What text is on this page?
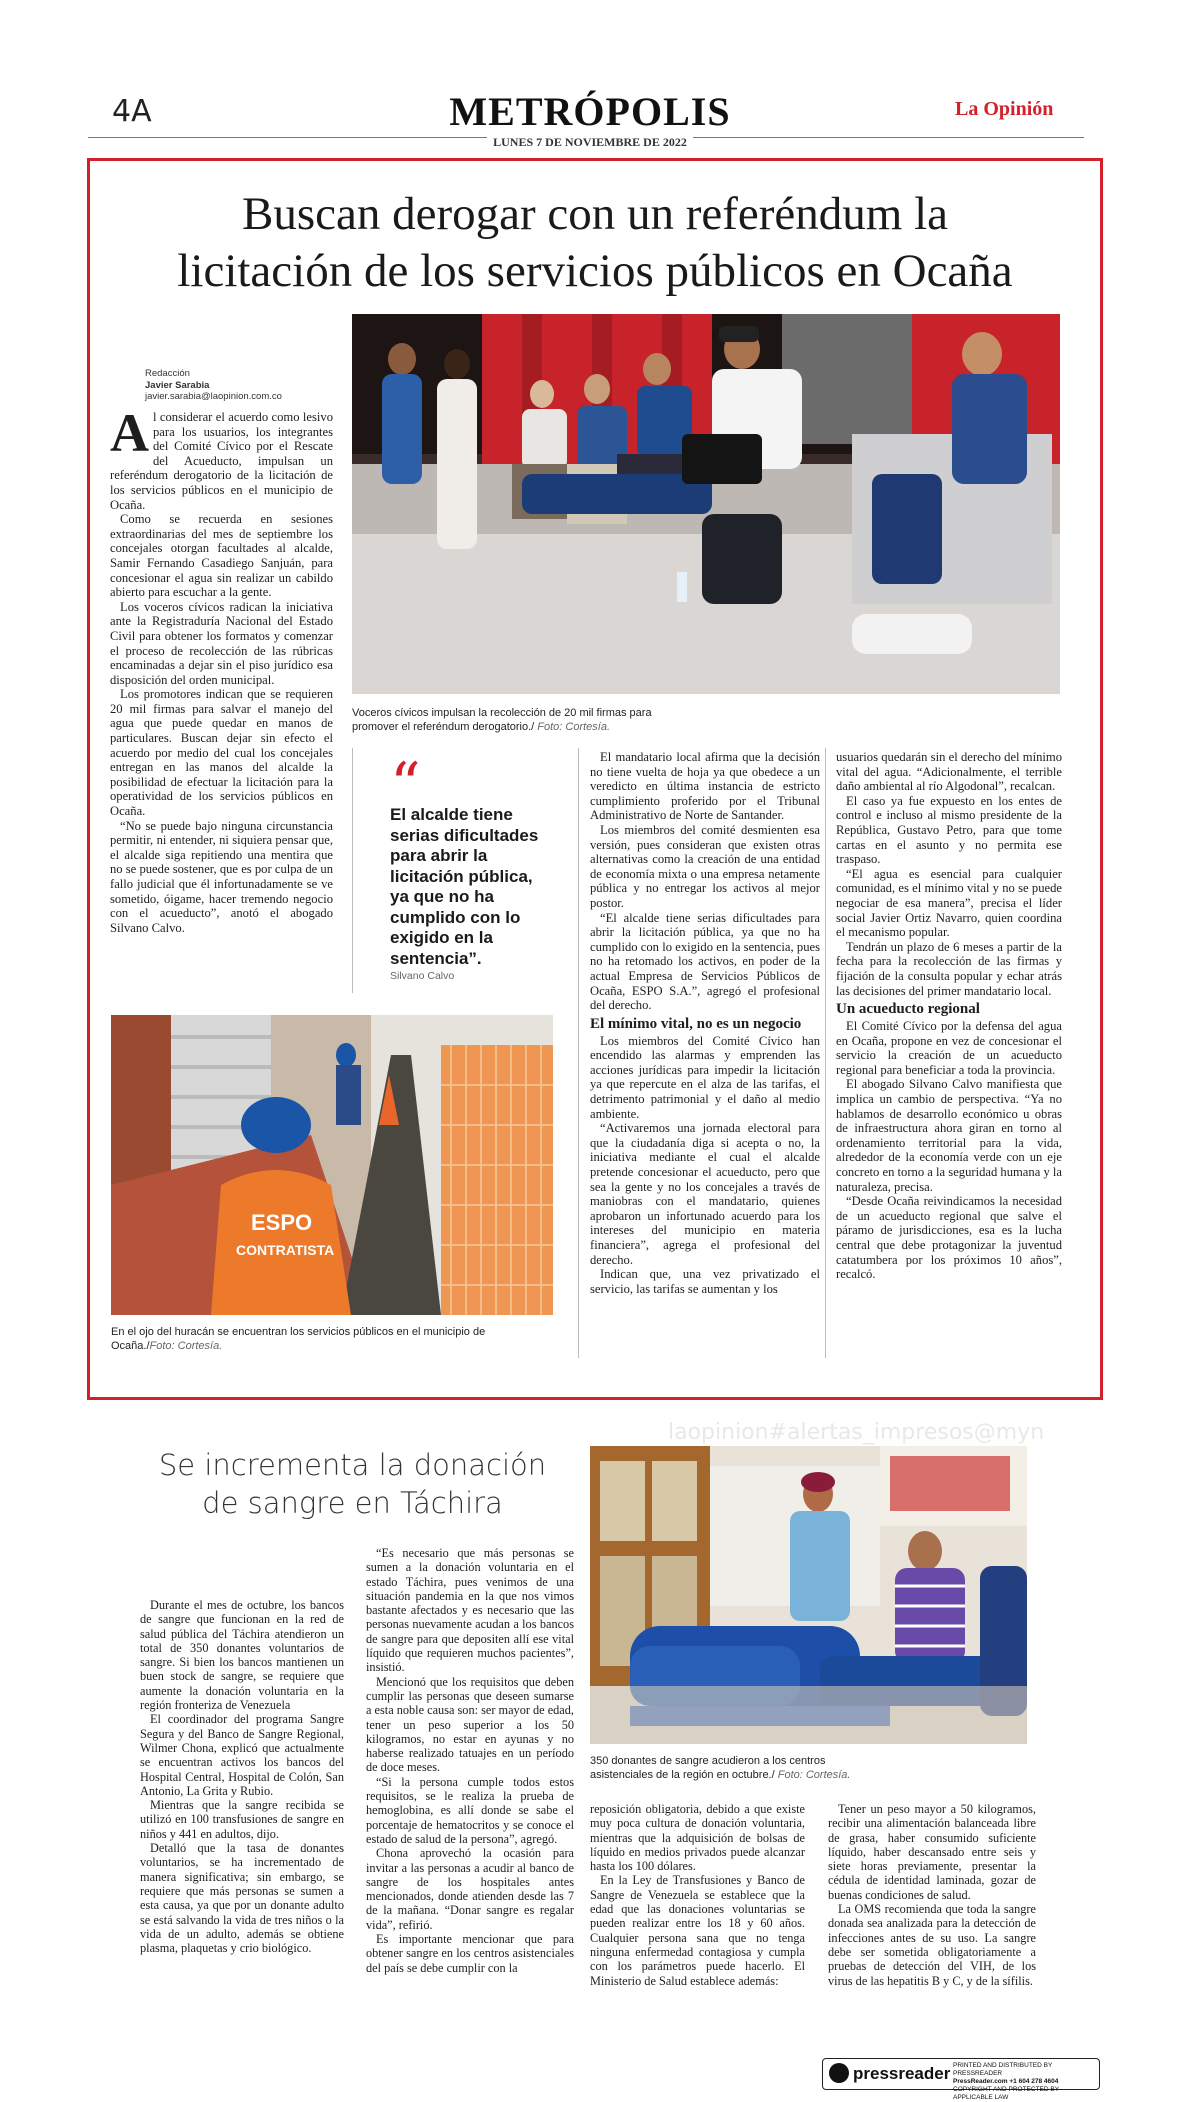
4A	METRÓPOLIS	La Opinión
LUNES 7 DE NOVIEMBRE DE 2022
Buscan derogar con un referéndum la
licitación de los servicios públicos en Ocaña
Redacción
Javier Sarabia
javier.sarabia@laopinion.com.co

Al considerar el acuerdo como lesivo para los usuarios, los integrantes del Comité Cívico por el Rescate del Acueducto, impulsan un referéndum derogatorio de la licitación de los servicios públicos en el municipio de Ocaña.

Como se recuerda en sesiones extraordinarias del mes de septiembre los concejales otorgan facultades al alcalde, Samir Fernando Casadiego Sanjuán, para concesionar el agua sin realizar un cabildo abierto para escuchar a la gente.

Los voceros cívicos radican la iniciativa ante la Registraduría Nacional del Estado Civil para obtener los formatos y comenzar el proceso de recolección de las rúbricas encaminadas a dejar sin el piso jurídico esa disposición del orden municipal.

Los promotores indican que se requieren 20 mil firmas para salvar el manejo del agua que puede quedar en manos de particulares. Buscan dejar sin efecto el acuerdo por medio del cual los concejales entregan en las manos del alcalde la posibilidad de efectuar la licitación para la operatividad de los servicios públicos en Ocaña.

“No se puede bajo ninguna circunstancia permitir, ni entender, ni siquiera pensar que, el alcalde siga repitiendo una mentira que no se puede sostener, que es por culpa de un fallo judicial que él infortunadamente se ve sometido, óigame, hacer tremendo negocio con el acueducto”, anotó el abogado Silvano Calvo.

Voceros cívicos impulsan la recolección de 20 mil firmas para promover el referéndum derogatorio./ Foto: Cortesía.
“
El alcalde tiene serias dificultades para abrir la licitación pública, ya que no ha cumplido con lo exigido en la sentencia”.
Silvano Calvo

El mandatario local afirma que la decisión no tiene vuelta de hoja ya que obedece a un veredicto en última instancia de estricto cumplimiento proferido por el Tribunal Administrativo de Norte de Santander.

Los miembros del comité desmienten esa versión, pues consideran que existen otras alternativas como la creación de una entidad de economía mixta o una empresa netamente pública y no entregar los activos al mejor postor.

“El alcalde tiene serias dificultades para abrir la licitación pública, ya que no ha cumplido con lo exigido en la sentencia, pues no ha retomado los activos, en poder de la actual Empresa de Servicios Públicos de Ocaña, ESPO S.A.”, agregó el profesional del derecho.

El mínimo vital, no es un negocio

Los miembros del Comité Cívico han encendido las alarmas y emprenden las acciones jurídicas para impedir la licitación ya que repercute en el alza de las tarifas, el detrimento patrimonial y el daño al medio ambiente.

“Activaremos una jornada electoral para que la ciudadanía diga si acepta o no, la iniciativa mediante el cual el alcalde pretende concesionar el acueducto, pero que sea la gente y no los concejales a través de maniobras con el mandatario, quienes aprobaron un infortunado acuerdo para los intereses del municipio en materia financiera”, agrega el profesional del derecho.

Indican que, una vez privatizado el servicio, las tarifas se aumentan y los

usuarios quedarán sin el derecho del mínimo vital del agua. “Adicionalmente, el terrible daño ambiental al río Algodonal”, recalcan.

El caso ya fue expuesto en los entes de control e incluso al mismo presidente de la República, Gustavo Petro, para que tome cartas en el asunto y no permita ese traspaso.

“El agua es esencial para cualquier comunidad, es el mínimo vital y no se puede negociar de esa manera”, precisa el líder social Javier Ortiz Navarro, quien coordina el mecanismo popular.

Tendrán un plazo de 6 meses a partir de la fecha para la recolección de las firmas y fijación de la consulta popular y echar atrás las decisiones del primer mandatario local.

Un acueducto regional

El Comité Cívico por la defensa del agua en Ocaña, propone en vez de concesionar el servicio la creación de un acueducto regional para beneficiar a toda la provincia.

El abogado Silvano Calvo manifiesta que implica un cambio de perspectiva. “Ya no hablamos de desarrollo económico u obras de infraestructura ahora giran en torno al ordenamiento territorial para la vida, alrededor de la economía verde con un eje concreto en torno a la seguridad humana y la naturaleza, precisa.

“Desde Ocaña reivindicamos la necesidad de un acueducto regional que salve el páramo de jurisdicciones, esa es la lucha central que debe protagonizar la juventud catatumbera por los próximos 10 años”, recalcó.

ESPO
CONTRATISTA
En el ojo del huracán se encuentran los servicios públicos en el municipio de Ocaña./Foto: Cortesía.
laopinion#alertas_impresos@myn
Se incrementa la donación
de sangre en Táchira

Durante el mes de octubre, los bancos de sangre que funcionan en la red de salud pública del Táchira atendieron un total de 350 donantes voluntarios de sangre. Si bien los bancos mantienen un buen stock de sangre, se requiere que aumente la donación voluntaria en la región fronteriza de Venezuela

El coordinador del programa Sangre Segura y del Banco de Sangre Regional, Wilmer Chona, explicó que actualmente se encuentran activos los bancos del Hospital Central, Hospital de Colón, San Antonio, La Grita y Rubio.

Mientras que la sangre recibida se utilizó en 100 transfusiones de sangre en niños y 441 en adultos, dijo.

Detalló que la tasa de donantes voluntarios, se ha incrementado de manera significativa; sin embargo, se requiere que más personas se sumen a esta causa, ya que por un donante adulto se está salvando la vida de tres niños o la vida de un adulto, además se obtiene plasma, plaquetas y crio biológico.

“Es necesario que más personas se sumen a la donación voluntaria en el estado Táchira, pues venimos de una situación pandemia en la que nos vimos bastante afectados y es necesario que las personas nuevamente acudan a los bancos de sangre para que depositen allí ese vital líquido que requieren muchos pacientes”, insistió.

Mencionó que los requisitos que deben cumplir las personas que deseen sumarse a esta noble causa son: ser mayor de edad, tener un peso superior a los 50 kilogramos, no estar en ayunas y no haberse realizado tatuajes en un período de doce meses.

“Si la persona cumple todos estos requisitos, se le realiza la prueba de hemoglobina, es allí donde se sabe el porcentaje de hematocritos y se conoce el estado de salud de la persona”, agregó.

Chona aprovechó la ocasión para invitar a las personas a acudir al banco de sangre de los hospitales antes mencionados, donde atienden desde las 7 de la mañana. “Donar sangre es regalar vida”, refirió.

Es importante mencionar que para obtener sangre en los centros asistenciales del país se debe cumplir con la

350 donantes de sangre acudieron a los centros asistenciales de la región en octubre./ Foto: Cortesía.

reposición obligatoria, debido a que existe muy poca cultura de donación voluntaria, mientras que la adquisición de bolsas de líquido en medios privados puede alcanzar hasta los 100 dólares.

En la Ley de Transfusiones y Banco de Sangre de Venezuela se establece que la edad que las donaciones voluntarias se pueden realizar entre los 18 y 60 años. Cualquier persona sana que no tenga ninguna enfermedad contagiosa y cumpla con los parámetros puede hacerlo. El Ministerio de Salud establece además:

Tener un peso mayor a 50 kilogramos, recibir una alimentación balanceada libre de grasa, haber consumido suficiente líquido, haber descansado entre seis y siete horas previamente, presentar la cédula de identidad laminada, gozar de buenas condiciones de salud.

La OMS recomienda que toda la sangre donada sea analizada para la detección de infecciones antes de su uso. La sangre debe ser sometida obligatoriamente a pruebas de detección del VIH, de los virus de las hepatitis B y C, y de la sífilis.

pressreader PRINTED AND DISTRIBUTED BY PRESSREADER
PressReader.com +1 604 278 4604
COPYRIGHT AND PROTECTED BY APPLICABLE LAW
